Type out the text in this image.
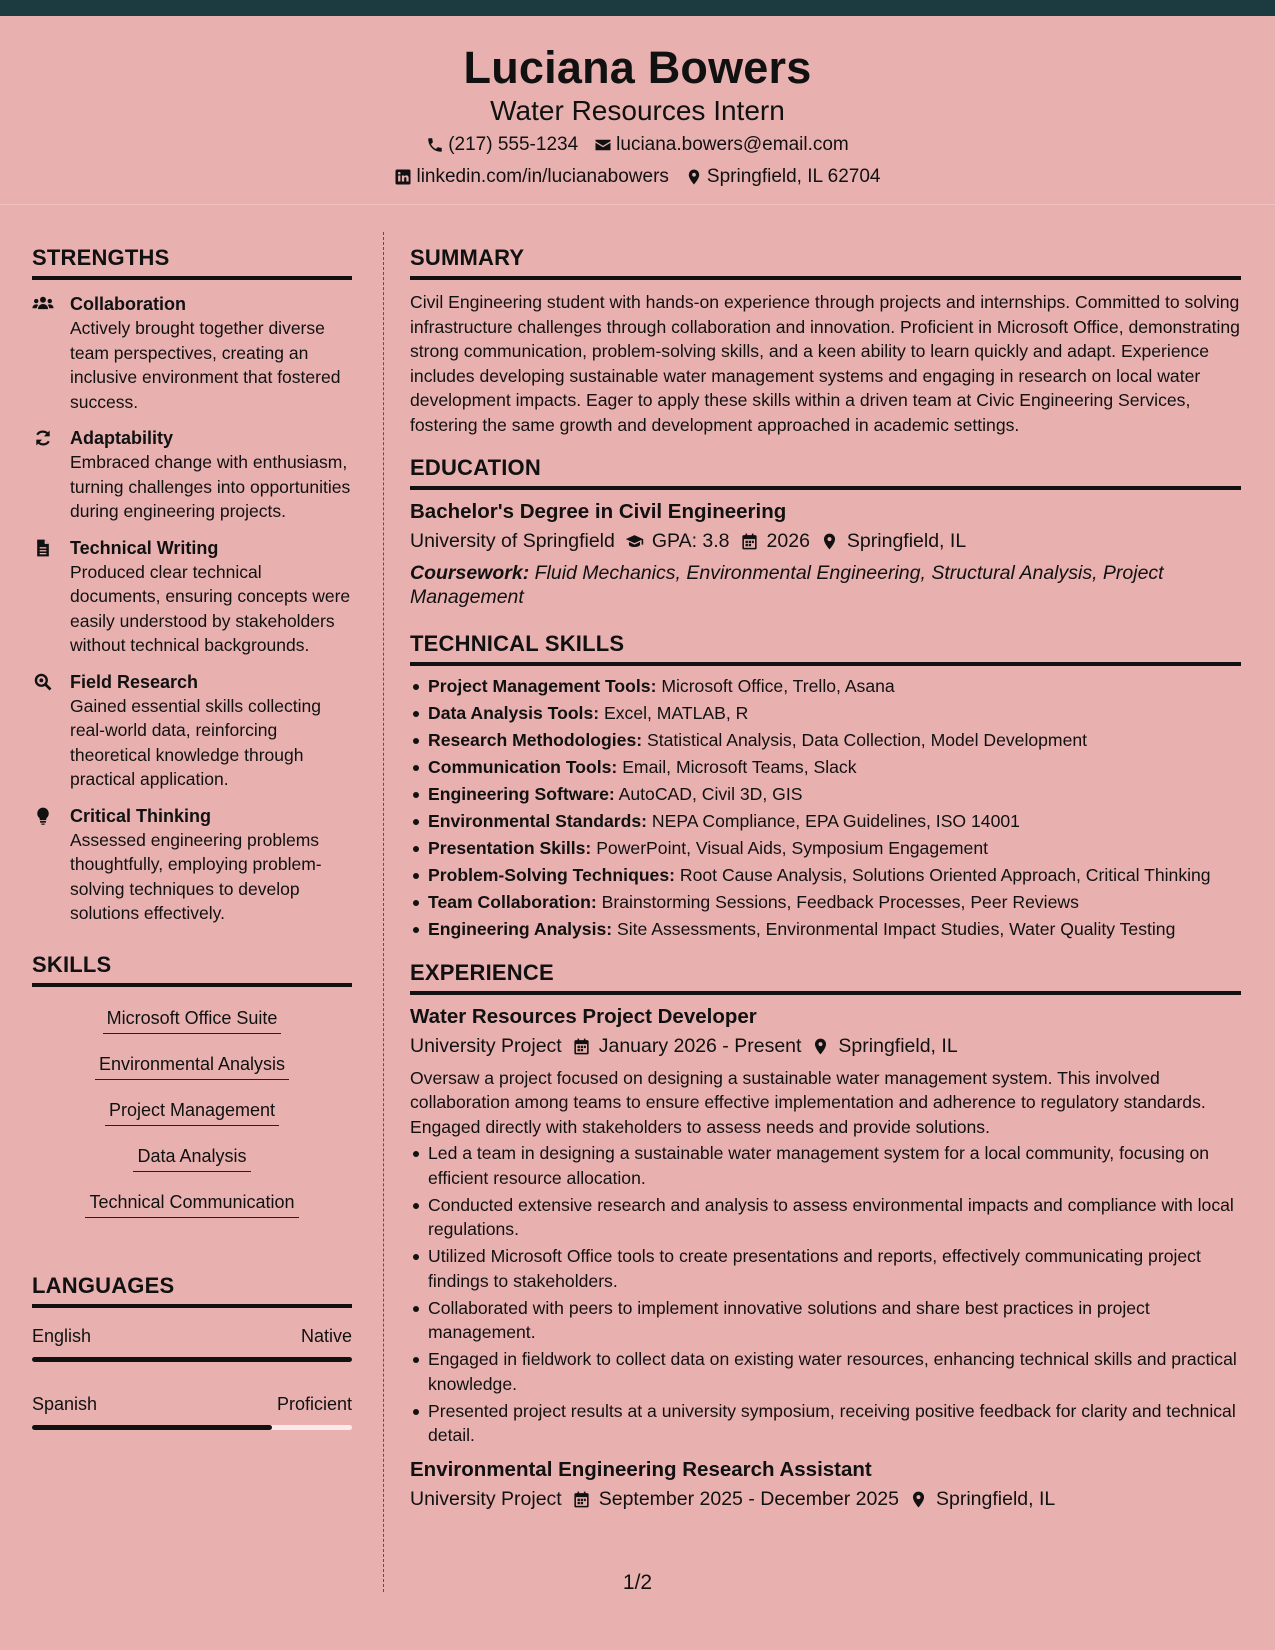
Luciana Bowers
Water Resources Intern
(217) 555-1234 luciana.bowers@email.com
linkedin.com/in/lucianabowers Springfield, IL 62704
STRENGTHS
Collaboration
Actively brought together diverse team perspectives, creating an inclusive environment that fostered success.
Adaptability
Embraced change with enthusiasm, turning challenges into opportunities during engineering projects.
Technical Writing
Produced clear technical documents, ensuring concepts were easily understood by stakeholders without technical backgrounds.
Field Research
Gained essential skills collecting real-world data, reinforcing theoretical knowledge through practical application.
Critical Thinking
Assessed engineering problems thoughtfully, employing problem-solving techniques to develop solutions effectively.
SKILLS
Microsoft Office Suite
Environmental Analysis
Project Management
Data Analysis
Technical Communication
LANGUAGES
English	Native
Spanish	Proficient
SUMMARY
Civil Engineering student with hands-on experience through projects and internships. Committed to solving infrastructure challenges through collaboration and innovation. Proficient in Microsoft Office, demonstrating strong communication, problem-solving skills, and a keen ability to learn quickly and adapt. Experience includes developing sustainable water management systems and engaging in research on local water development impacts. Eager to apply these skills within a driven team at Civic Engineering Services, fostering the same growth and development approached in academic settings.
EDUCATION
Bachelor's Degree in Civil Engineering
University of Springfield GPA: 3.8 2026 Springfield, IL
Coursework: Fluid Mechanics, Environmental Engineering, Structural Analysis, Project Management
TECHNICAL SKILLS
Project Management Tools: Microsoft Office, Trello, Asana
Data Analysis Tools: Excel, MATLAB, R
Research Methodologies: Statistical Analysis, Data Collection, Model Development
Communication Tools: Email, Microsoft Teams, Slack
Engineering Software: AutoCAD, Civil 3D, GIS
Environmental Standards: NEPA Compliance, EPA Guidelines, ISO 14001
Presentation Skills: PowerPoint, Visual Aids, Symposium Engagement
Problem-Solving Techniques: Root Cause Analysis, Solutions Oriented Approach, Critical Thinking
Team Collaboration: Brainstorming Sessions, Feedback Processes, Peer Reviews
Engineering Analysis: Site Assessments, Environmental Impact Studies, Water Quality Testing
EXPERIENCE
Water Resources Project Developer
University Project January 2026 - Present Springfield, IL
Oversaw a project focused on designing a sustainable water management system. This involved collaboration among teams to ensure effective implementation and adherence to regulatory standards. Engaged directly with stakeholders to assess needs and provide solutions.
Led a team in designing a sustainable water management system for a local community, focusing on efficient resource allocation.
Conducted extensive research and analysis to assess environmental impacts and compliance with local regulations.
Utilized Microsoft Office tools to create presentations and reports, effectively communicating project findings to stakeholders.
Collaborated with peers to implement innovative solutions and share best practices in project management.
Engaged in fieldwork to collect data on existing water resources, enhancing technical skills and practical knowledge.
Presented project results at a university symposium, receiving positive feedback for clarity and technical detail.
Environmental Engineering Research Assistant
University Project September 2025 - December 2025 Springfield, IL
1/2
